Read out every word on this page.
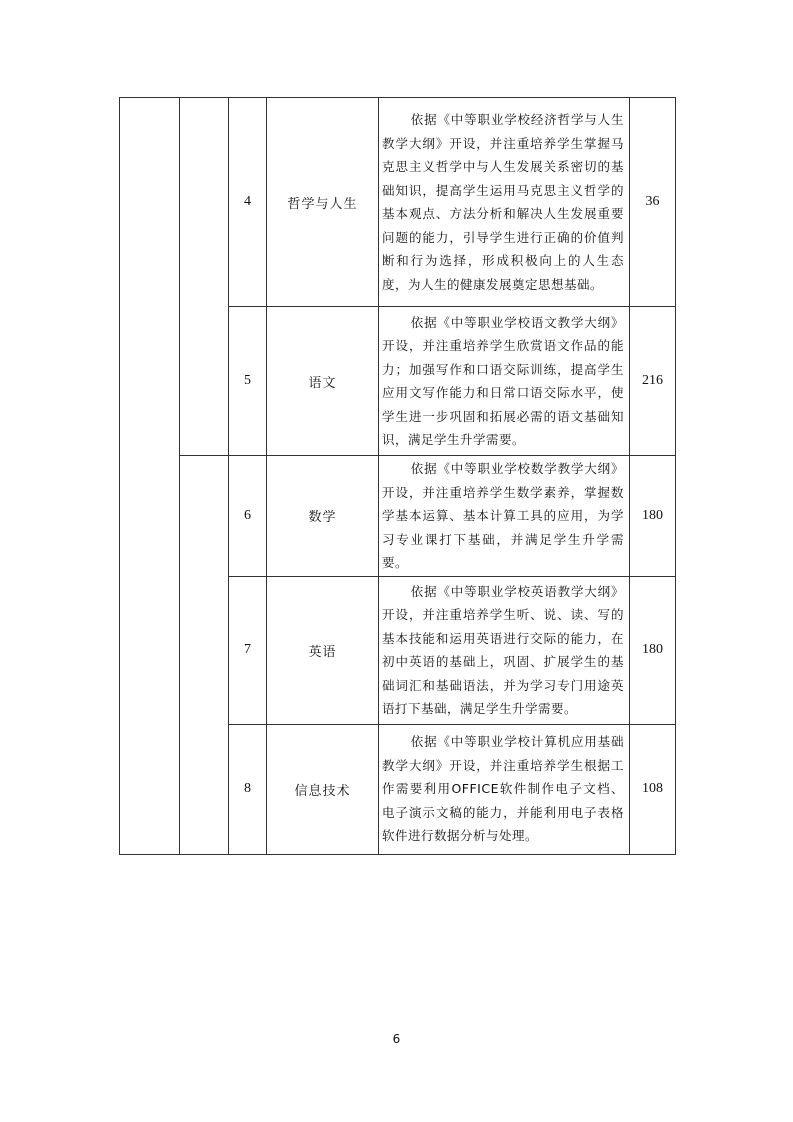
		4	哲学与人生	依据《中等职业学校经济哲学与人生教学大纲》开设，并注重培养学生掌握马克思主义哲学中与人生发展关系密切的基础知识，提高学生运用马克思主义哲学的基本观点、方法分析和解决人生发展重要问题的能力，引导学生进行正确的价值判断和行为选择，形成积极向上的人生态度，为人生的健康发展奠定思想基础。	36
		5	语文	依据《中等职业学校语文教学大纲》开设，并注重培养学生欣赏语文作品的能力；加强写作和口语交际训练，提高学生应用文写作能力和日常口语交际水平，使学生进一步巩固和拓展必需的语文基础知识，满足学生升学需要。	216
		6	数学	依据《中等职业学校数学教学大纲》开设，并注重培养学生数学素养，掌握数学基本运算、基本计算工具的应用，为学习专业课打下基础，并满足学生升学需要。	180
		7	英语	依据《中等职业学校英语教学大纲》开设，并注重培养学生听、说、读、写的基本技能和运用英语进行交际的能力，在初中英语的基础上，巩固、扩展学生的基础词汇和基础语法，并为学习专门用途英语打下基础，满足学生升学需要。	180
		8	信息技术	依据《中等职业学校计算机应用基础教学大纲》开设，并注重培养学生根据工作需要利用OFFICE软件制作电子文档、电子演示文稿的能力，并能利用电子表格软件进行数据分析与处理。	108
6
